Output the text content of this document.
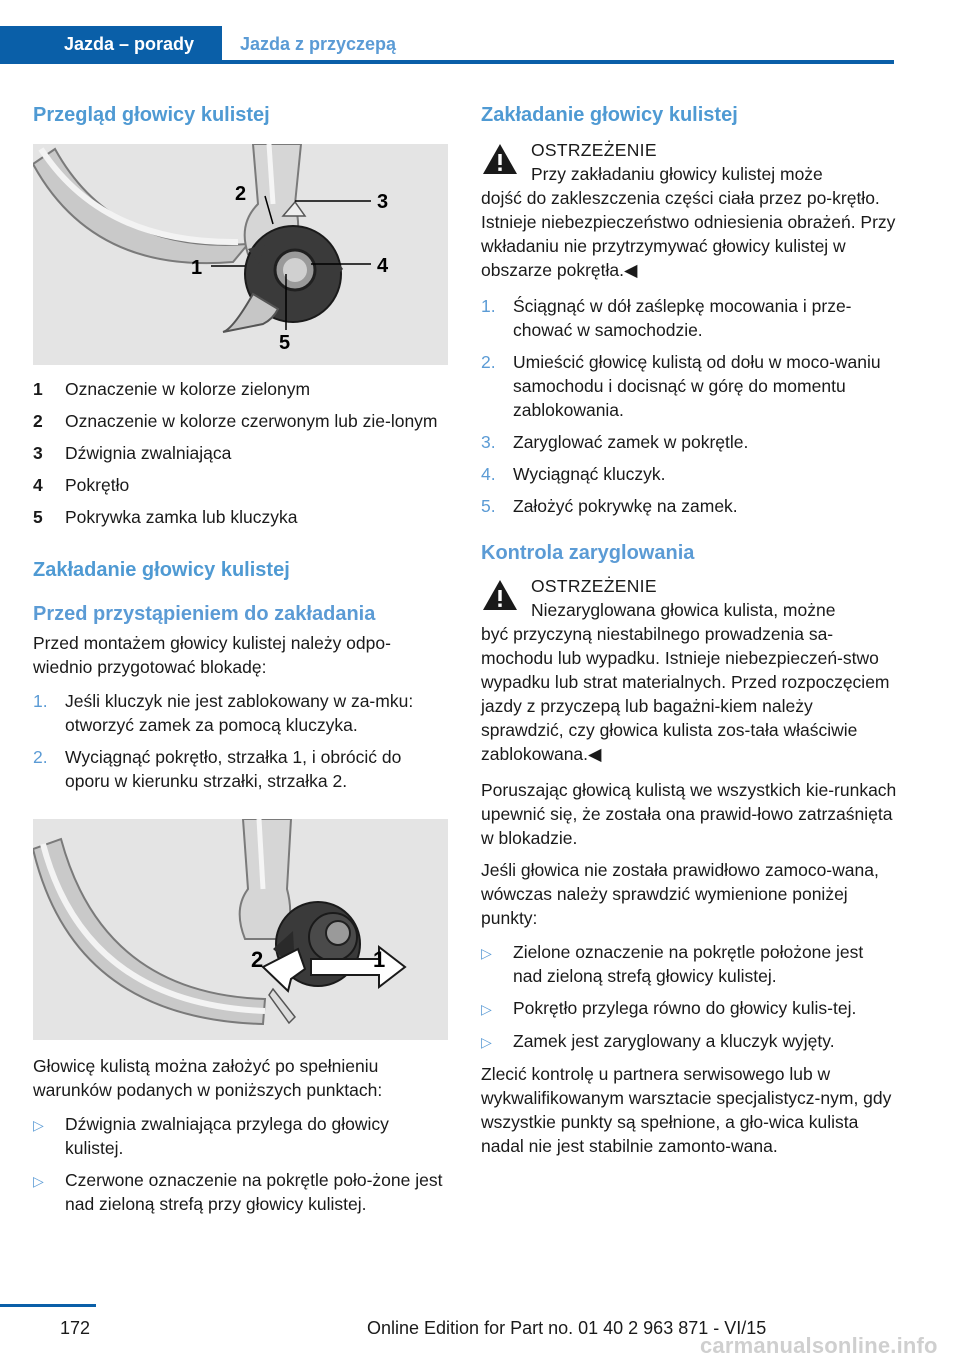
Jazda – porady	Jazda z przyczepą
Przegląd głowicy kulistej
2	3
1	4
5
1	Oznaczenie w kolorze zielonym
2	Oznaczenie w kolorze czerwonym lub zie‐lonym
3	Dźwignia zwalniająca
4	Pokrętło
5	Pokrywka zamka lub kluczyka
Zakładanie głowicy kulistej
Przed przystąpieniem do zakładania

Przed montażem głowicy kulistej należy odpo‐wiednio przygotować blokadę:

1. Jeśli kluczyk nie jest zablokowany w za‐mku: otworzyć zamek za pomocą kluczyka.
2. Wyciągnąć pokrętło, strzałka 1, i obrócić do oporu w kierunku strzałki, strzałka 2.
2	1

Głowicę kulistą można założyć po spełnieniu warunków podanych w poniższych punktach:

▷	Dźwignia zwalniająca przylega do głowicy kulistej.
▷	Czerwone oznaczenie na pokrętle poło‐żone jest nad zieloną strefą przy głowicy kulistej.
Zakładanie głowicy kulistej

OSTRZEŻENIE

Przy zakładaniu głowicy kulistej może

dojść do zakleszczenia części ciała przez po‐krętło. Istnieje niebezpieczeństwo odniesienia obrażeń. Przy wkładaniu nie przytrzymywać głowicy kulistej w obszarze pokrętła.◀

1. Ściągnąć w dół zaślepkę mocowania i prze‐chować w samochodzie.
2. Umieścić głowicę kulistą od dołu w moco‐waniu samochodu i docisnąć w górę do momentu zablokowania.
3. Zaryglować zamek w pokrętle.
4. Wyciągnąć kluczyk.
5. Założyć pokrywkę na zamek.
Kontrola zaryglowania

OSTRZEŻENIE

Niezaryglowana głowica kulista, możne

być przyczyną niestabilnego prowadzenia sa‐mochodu lub wypadku. Istnieje niebezpieczeń‐stwo wypadku lub strat materialnych. Przed rozpoczęciem jazdy z przyczepą lub bagażni‐kiem należy sprawdzić, czy głowica kulista zos‐tała właściwie zablokowana.◀

Poruszając głowicą kulistą we wszystkich kie‐runkach upewnić się, że została ona prawid‐łowo zatrzaśnięta w blokadzie.

Jeśli głowica nie została prawidłowo zamoco‐wana, wówczas należy sprawdzić wymienione poniżej punkty:

▷	Zielone oznaczenie na pokrętle położone jest nad zieloną strefą głowicy kulistej.
▷	Pokrętło przylega równo do głowicy kulis‐tej.
▷	Zamek jest zaryglowany a kluczyk wyjęty.

Zlecić kontrolę u partnera serwisowego lub w wykwalifikowanym warsztacie specjalistycz‐nym, gdy wszystkie punkty są spełnione, a gło‐wica kulista nadal nie jest stabilnie zamonto‐wana.

172	Online Edition for Part no. 01 40 2 963 871 - VI/15
carmanualsonline.info
